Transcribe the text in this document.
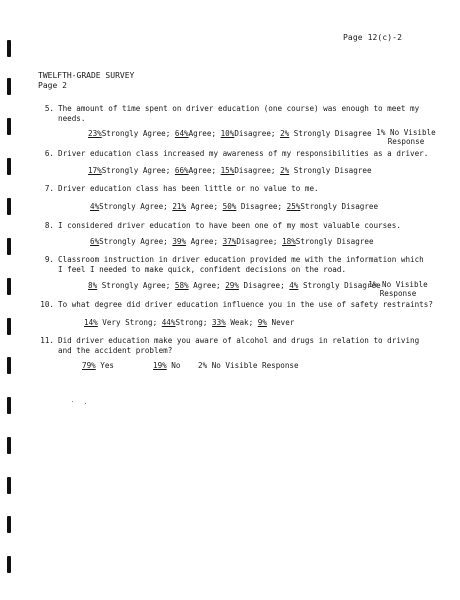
Page 12(c)-2
TWELFTH-GRADE SURVEY
Page 2
5. The amount of time spent on driver education (one course) was enough to meet my
needs.
23%Strongly Agree; 64%Agree; 10%Disagree; 2% Strongly Disagree 1% No Visible
Response
6. Driver education class increased my awareness of my responsibilities as a driver.
17%Strongly Agree; 66%Agree; 15%Disagree; 2% Strongly Disagree
7. Driver education class has been little or no value to me.
4%Strongly Agree; 21% Agree; 50% Disagree; 25%Strongly Disagree
8. I considered driver education to have been one of my most valuable courses.
6%Strongly Agree; 39% Agree; 37%Disagree; 18%Strongly Disagree
9. Classroom instruction in driver education provided me with the information which
I feel I needed to make quick, confident decisions on the road.
8% Strongly Agree; 58% Agree; 29% Disagree; 4% Strongly Disagree
1% No Visible
Response
10. To what degree did driver education influence you in the use of safety restraints?
14% Very Strong; 44%Strong; 33% Weak; 9% Never
11. Did driver education make you aware of alcohol and drugs in relation to driving
and the accident problem?
79% Yes	19% No 2% No Visible Response
